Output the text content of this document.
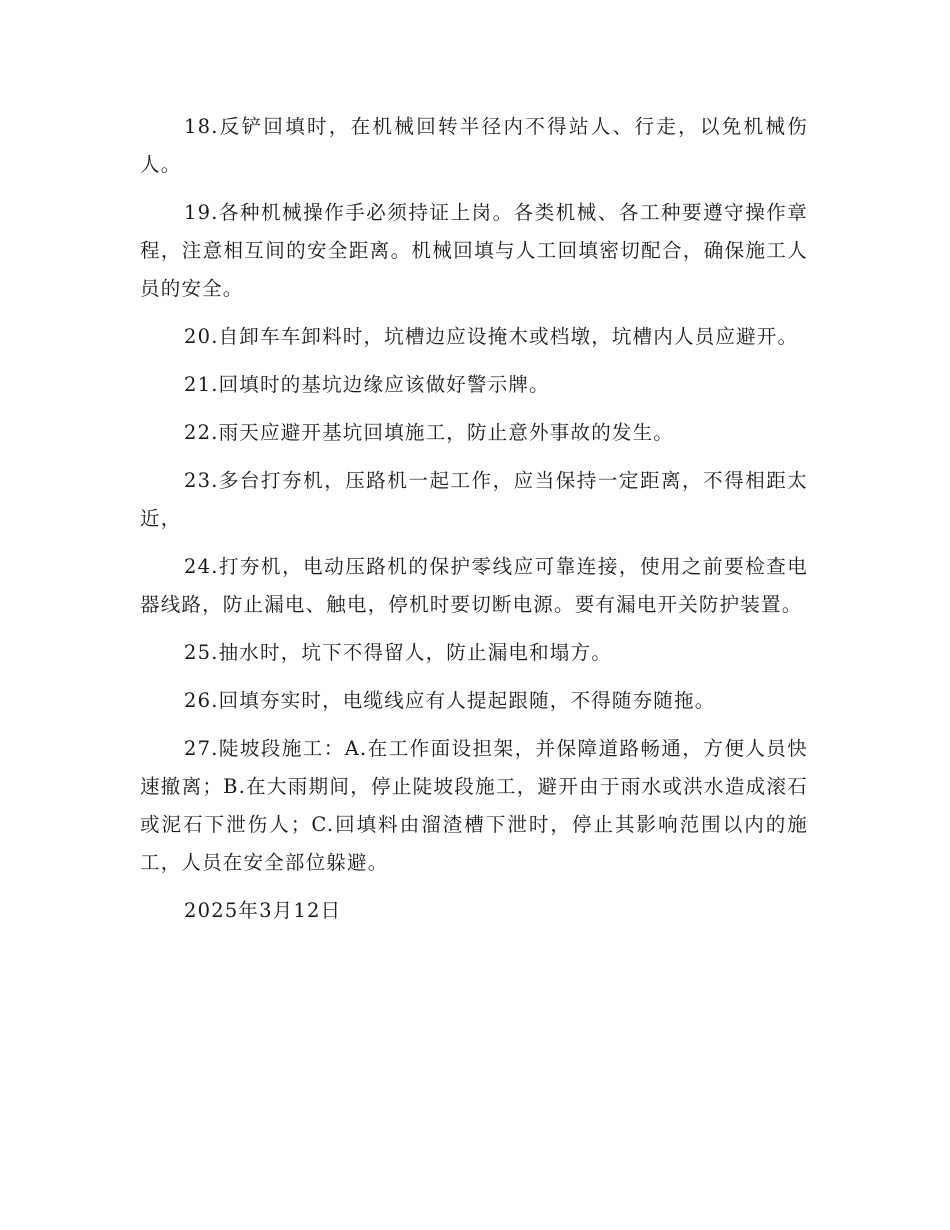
18.反铲回填时，在机械回转半径内不得站人、行走，以免机械伤人。

19.各种机械操作手必须持证上岗。各类机械、各工种要遵守操作章程，注意相互间的安全距离。机械回填与人工回填密切配合，确保施工人员的安全。

20.自卸车车卸料时，坑槽边应设掩木或档墩，坑槽内人员应避开。

21.回填时的基坑边缘应该做好警示牌。

22.雨天应避开基坑回填施工，防止意外事故的发生。

23.多台打夯机，压路机一起工作，应当保持一定距离，不得相距太近，

24.打夯机，电动压路机的保护零线应可靠连接，使用之前要检查电器线路，防止漏电、触电，停机时要切断电源。要有漏电开关防护装置。

25.抽水时，坑下不得留人，防止漏电和塌方。

26.回填夯实时，电缆线应有人提起跟随，不得随夯随拖。

27.陡坡段施工：A.在工作面设担架，并保障道路畅通，方便人员快速撤离；B.在大雨期间，停止陡坡段施工，避开由于雨水或洪水造成滚石或泥石下泄伤人；C.回填料由溜渣槽下泄时，停止其影响范围以内的施工，人员在安全部位躲避。

2025年3月12日
